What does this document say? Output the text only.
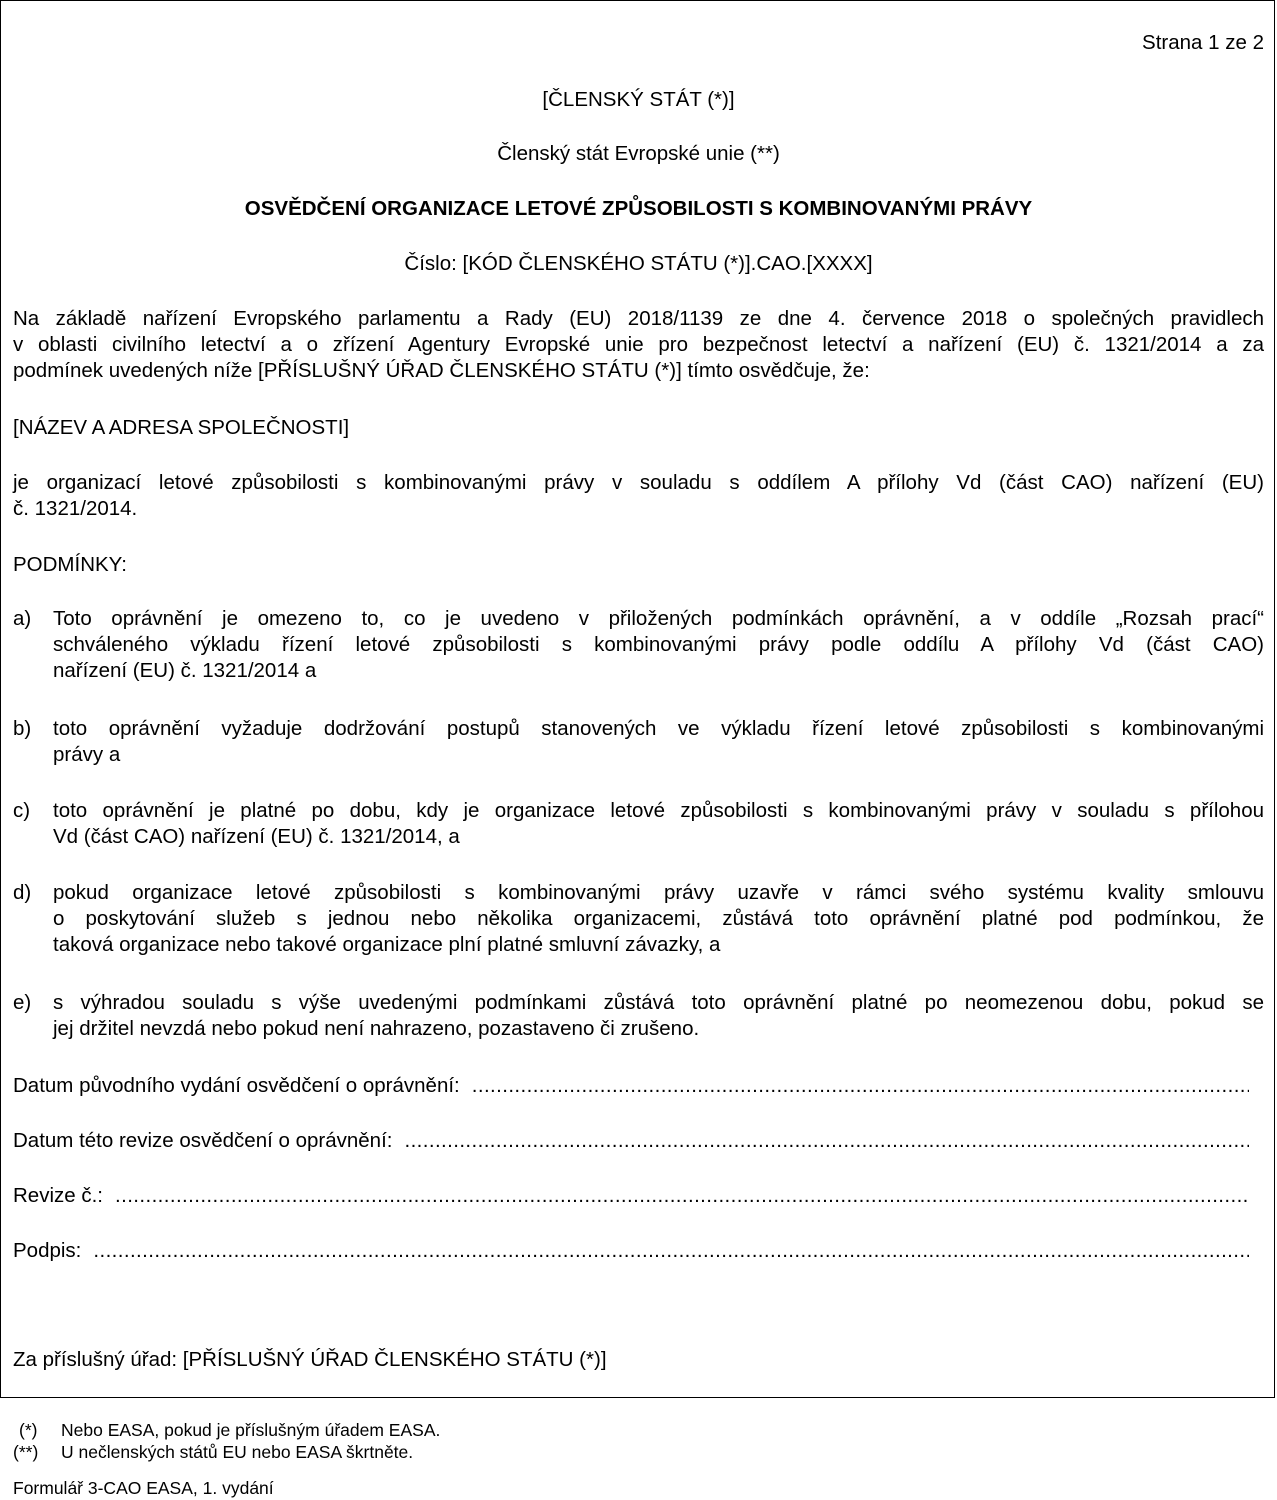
Strana 1 ze 2
[ČLENSKÝ STÁT (*)]
Členský stát Evropské unie (**)
OSVĚDČENÍ ORGANIZACE LETOVÉ ZPŮSOBILOSTI S KOMBINOVANÝMI PRÁVY
Číslo: [KÓD ČLENSKÉHO STÁTU (*)].CAO.[XXXX]
Na základě nařízení Evropského parlamentu a Rady (EU) 2018/1139 ze dne 4. července 2018 o společných pravidlech
v oblasti civilního letectví a o zřízení Agentury Evropské unie pro bezpečnost letectví a nařízení (EU) č. 1321/2014 a za
podmínek uvedených níže [PŘÍSLUŠNÝ ÚŘAD ČLENSKÉHO STÁTU (*)] tímto osvědčuje, že:
[NÁZEV A ADRESA SPOLEČNOSTI]
je organizací letové způsobilosti s kombinovanými právy v souladu s oddílem A přílohy Vd (část CAO) nařízení (EU)
č. 1321/2014.
PODMÍNKY:
a)	Toto oprávnění je omezeno to, co je uvedeno v přiložených podmínkách oprávnění, a v oddíle „Rozsah prací“
schváleného výkladu řízení letové způsobilosti s kombinovanými právy podle oddílu A přílohy Vd (část CAO)
nařízení (EU) č. 1321/2014 a
b)	toto oprávnění vyžaduje dodržování postupů stanovených ve výkladu řízení letové způsobilosti s kombinovanými
právy a
c)	toto oprávnění je platné po dobu, kdy je organizace letové způsobilosti s kombinovanými právy v souladu s přílohou
Vd (část CAO) nařízení (EU) č. 1321/2014, a
d)	pokud organizace letové způsobilosti s kombinovanými právy uzavře v rámci svého systému kvality smlouvu
o poskytování služeb s jednou nebo několika organizacemi, zůstává toto oprávnění platné pod podmínkou, že
taková organizace nebo takové organizace plní platné smluvní závazky, a
e)	s výhradou souladu s výše uvedenými podmínkami zůstává toto oprávnění platné po neomezenou dobu, pokud se
jej držitel nevzdá nebo pokud není nahrazeno, pozastaveno či zrušeno.
Datum původního vydání osvědčení o oprávnění:
.....
Datum této revize osvědčení o oprávnění:
.....
Revize č.:
.....
Podpis:
.....
Za příslušný úřad: [PŘÍSLUŠNÝ ÚŘAD ČLENSKÉHO STÁTU (*)]
(*)	Nebo EASA, pokud je příslušným úřadem EASA.
(**)	U nečlenských států EU nebo EASA škrtněte.
Formulář 3-CAO EASA, 1. vydání
